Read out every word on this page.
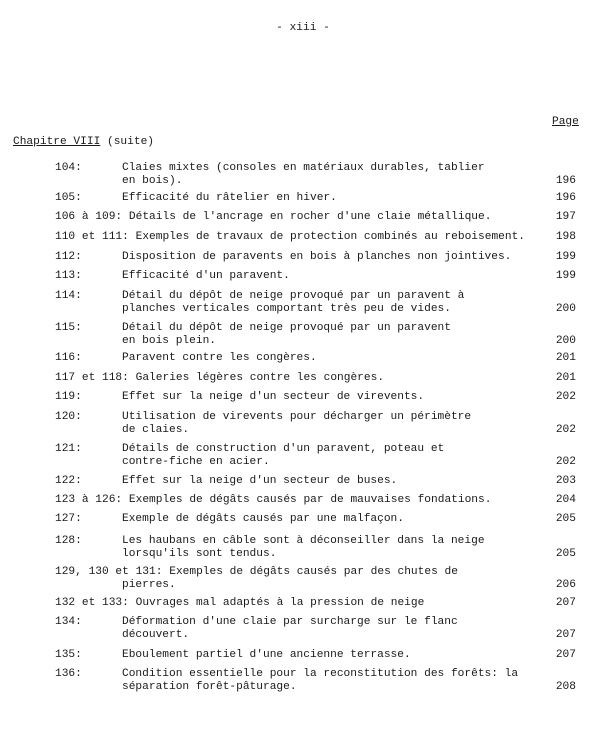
- xiii -
Page
Chapitre VIII (suite)
104:	Claies mixtes (consoles en matériaux durables, tablier
en bois).	196
105:	Efficacité du râtelier en hiver.	196
106 à 109: Détails de l'ancrage en rocher d'une claie métallique.	197
110 et 111: Exemples de travaux de protection combinés au reboisement.	198
112:	Disposition de paravents en bois à planches non jointives.	199
113:	Efficacité d'un paravent.	199
114:	Détail du dépôt de neige provoqué par un paravent à
planches verticales comportant très peu de vides.	200
115:	Détail du dépôt de neige provoqué par un paravent
en bois plein.	200
116:	Paravent contre les congères.	201
117 et 118: Galeries légères contre les congères.	201
119:	Effet sur la neige d'un secteur de virevents.	202
120:	Utilisation de virevents pour décharger un périmètre
de claies.	202
121:	Détails de construction d'un paravent, poteau et
contre-fiche en acier.	202
122:	Effet sur la neige d'un secteur de buses.	203
123 à 126: Exemples de dégâts causés par de mauvaises fondations.	204
127:	Exemple de dégâts causés par une malfaçon.	205
128:	Les haubans en câble sont à déconseiller dans la neige
lorsqu'ils sont tendus.	205
129, 130 et 131: Exemples de dégâts causés par des chutes de
pierres.	206
132 et 133: Ouvrages mal adaptés à la pression de neige	207
134:	Déformation d'une claie par surcharge sur le flanc
découvert.	207
135:	Eboulement partiel d'une ancienne terrasse.	207
136:	Condition essentielle pour la reconstitution des forêts: la
séparation forêt-pâturage.	208
